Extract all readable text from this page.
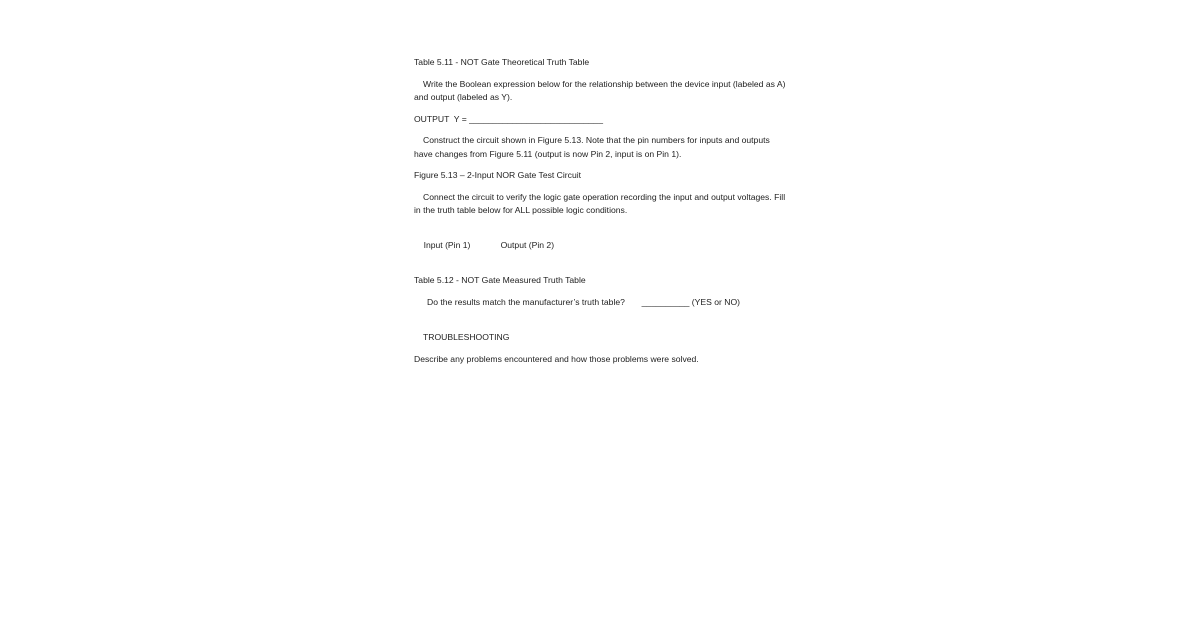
Table 5.11 - NOT Gate Theoretical Truth Table

Write the Boolean expression below for the relationship between the device input (labeled as A) and output (labeled as Y).

OUTPUT  Y = ____________________________

Construct the circuit shown in Figure 5.13. Note that the pin numbers for inputs and outputs have changes from Figure 5.11 (output is now Pin 2, input is on Pin 1).

Figure 5.13 – 2-Input NOR Gate Test Circuit

Connect the circuit to verify the logic gate operation recording the input and output voltages. Fill in the truth table below for ALL possible logic conditions.

Input (Pin 1)	Output (Pin 2)

Table 5.12 - NOT Gate Measured Truth Table

Do the results match the manufacturer’s truth table?       __________ (YES or NO)

TROUBLESHOOTING

Describe any problems encountered and how those problems were solved.
